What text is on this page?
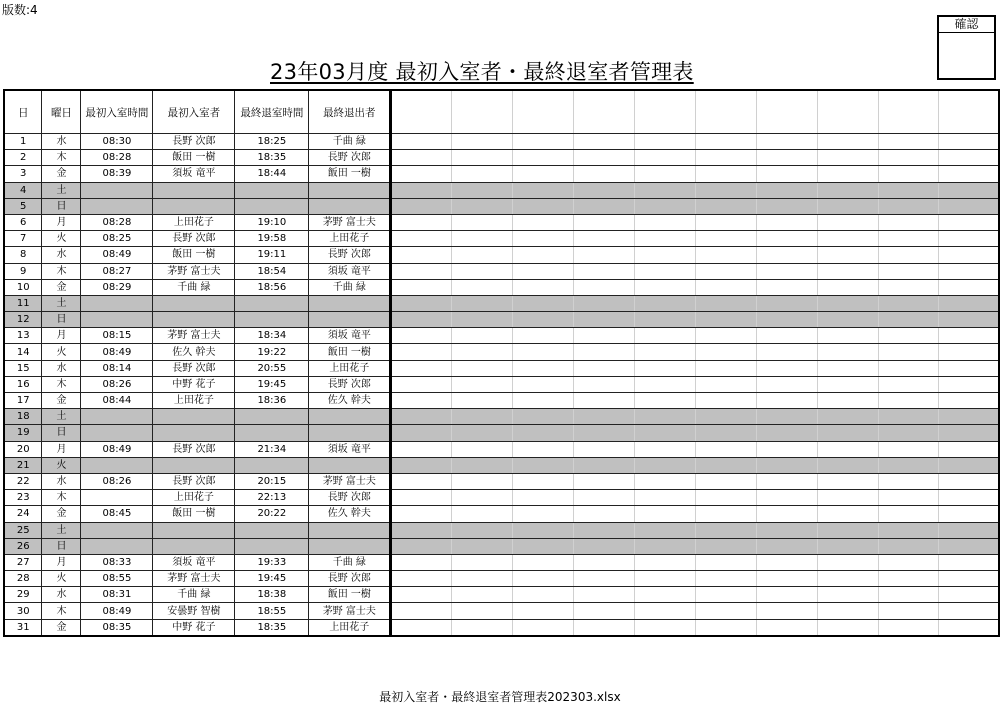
版数:4
23年03月度 最初入室者・最終退室者管理表
確認
日	曜日	最初入室時間	最初入室者	最終退室時間	最終退出者										
1	水	08:30	長野 次郎	18:25	千曲 緑										
2	木	08:28	飯田 一樹	18:35	長野 次郎										
3	金	08:39	須坂 竜平	18:44	飯田 一樹										
4	土														
5	日														
6	月	08:28	上田花子	19:10	茅野 富士夫										
7	火	08:25	長野 次郎	19:58	上田花子										
8	水	08:49	飯田 一樹	19:11	長野 次郎										
9	木	08:27	茅野 富士夫	18:54	須坂 竜平										
10	金	08:29	千曲 緑	18:56	千曲 緑										
11	土														
12	日														
13	月	08:15	茅野 富士夫	18:34	須坂 竜平										
14	火	08:49	佐久 幹夫	19:22	飯田 一樹										
15	水	08:14	長野 次郎	20:55	上田花子										
16	木	08:26	中野 花子	19:45	長野 次郎										
17	金	08:44	上田花子	18:36	佐久 幹夫										
18	土														
19	日														
20	月	08:49	長野 次郎	21:34	須坂 竜平										
21	火														
22	水	08:26	長野 次郎	20:15	茅野 富士夫										
23	木		上田花子	22:13	長野 次郎										
24	金	08:45	飯田 一樹	20:22	佐久 幹夫										
25	土														
26	日														
27	月	08:33	須坂 竜平	19:33	千曲 緑										
28	火	08:55	茅野 富士夫	19:45	長野 次郎										
29	水	08:31	千曲 緑	18:38	飯田 一樹										
30	木	08:49	安曇野 智樹	18:55	茅野 富士夫										
31	金	08:35	中野 花子	18:35	上田花子										
最初入室者・最終退室者管理表202303.xlsx
